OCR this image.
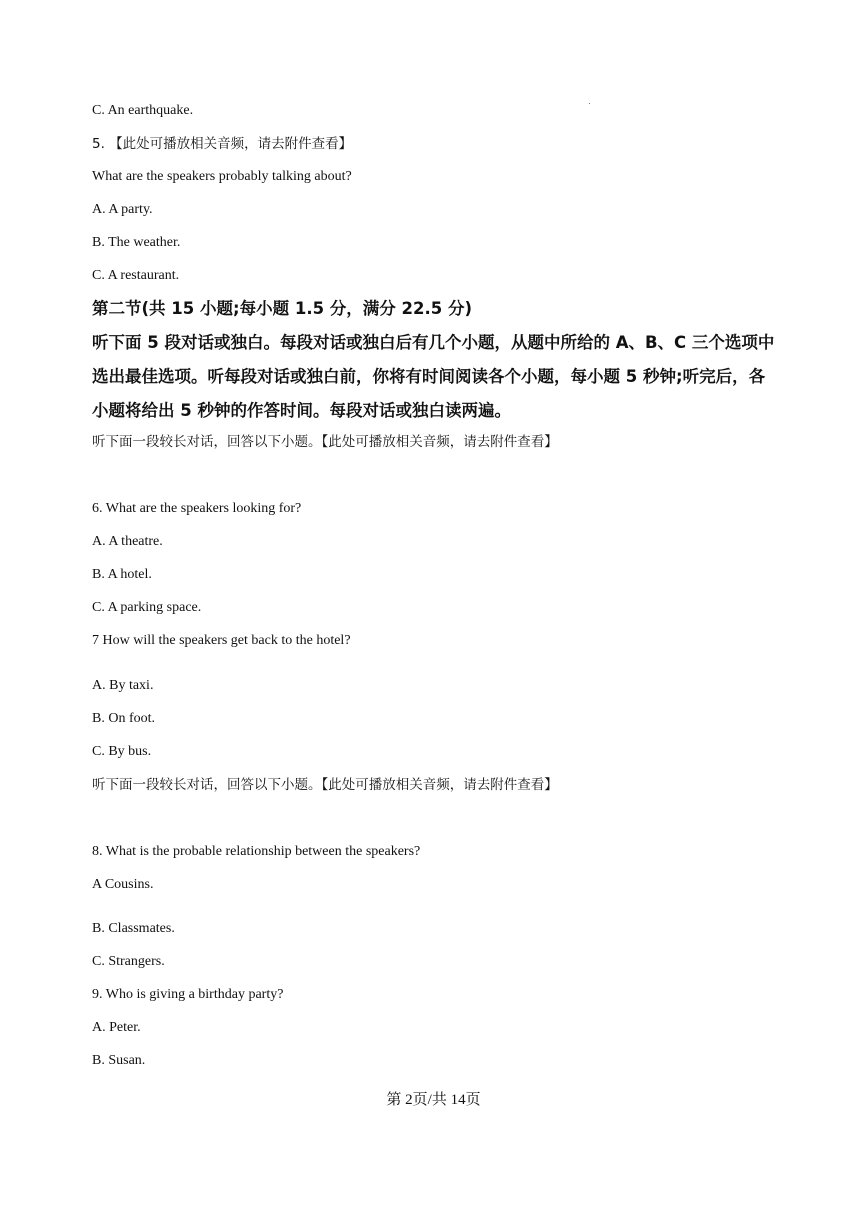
C. An earthquake.
5. 【此处可播放相关音频，请去附件查看】
What are the speakers probably talking about?
A. A party.
B. The weather.
C. A restaurant.
第二节(共 15 小题;每小题 1.5 分，满分 22.5 分)
听下面 5 段对话或独白。每段对话或独白后有几个小题，从题中所给的 A、B、C 三个选项中
选出最佳选项。听每段对话或独白前，你将有时间阅读各个小题，每小题 5 秒钟;听完后，各
小题将给出 5 秒钟的作答时间。每段对话或独白读两遍。
听下面一段较长对话，回答以下小题。【此处可播放相关音频，请去附件查看】
6. What are the speakers looking for?
A. A theatre.
B. A hotel.
C. A parking space.
7 How will the speakers get back to the hotel?
A. By taxi.
B. On foot.
C. By bus.
听下面一段较长对话，回答以下小题。【此处可播放相关音频，请去附件查看】
8. What is the probable relationship between the speakers?
A Cousins.
B. Classmates.
C. Strangers.
9. Who is giving a birthday party?
A. Peter.
B. Susan.
第 2页/共 14页
